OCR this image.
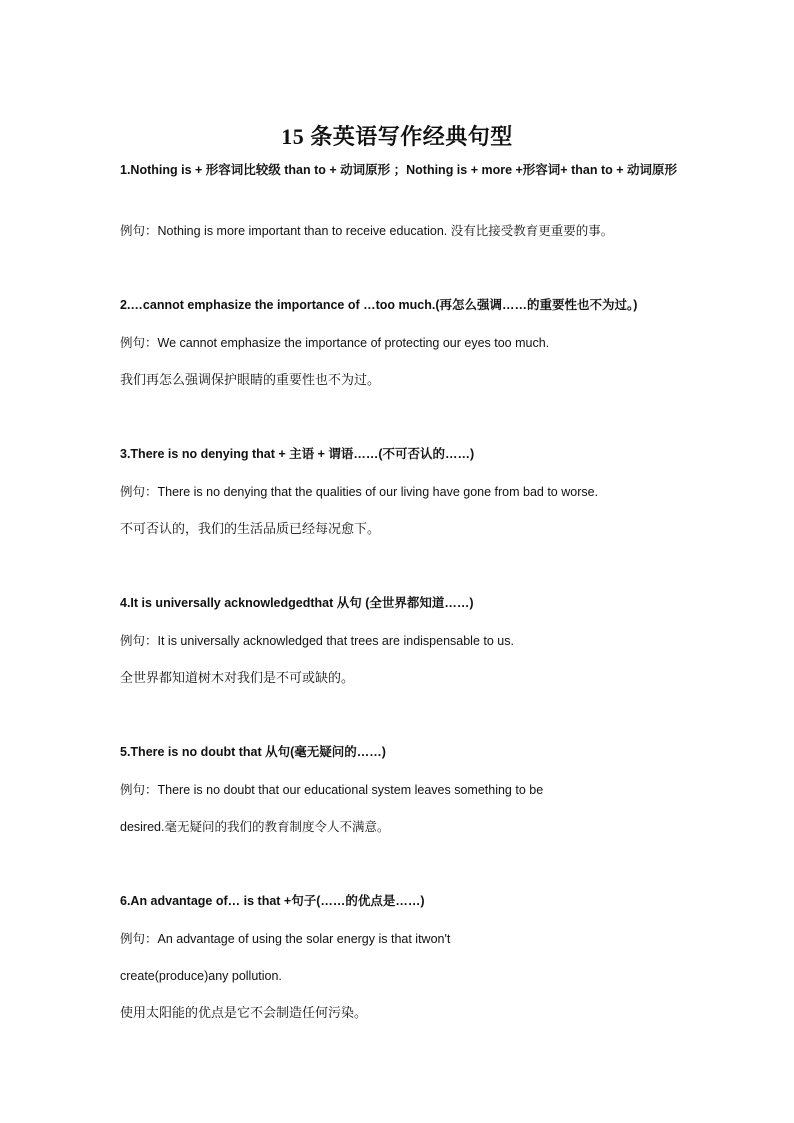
15 条英语写作经典句型
1.Nothing is + 形容词比较级 than to + 动词原形 ；Nothing is + more +形容词+ than to + 动词原形
例句：Nothing is more important than to receive education. 没有比接受教育更重要的事。
2.…cannot emphasize the importance of …too much.(再怎么强调……的重要性也不为过。)
例句：We cannot emphasize the importance of protecting our eyes too much.
我们再怎么强调保护眼睛的重要性也不为过。
3.There is no denying that + 主语 + 谓语……(不可否认的……)
例句：There is no denying that the qualities of our living have gone from bad to worse.
不可否认的，我们的生活品质已经每况愈下。
4.It is universally acknowledgedthat 从句 (全世界都知道……)
例句：It is universally acknowledged that trees are indispensable to us.
全世界都知道树木对我们是不可或缺的。
5.There is no doubt that 从句(毫无疑问的……)
例句：There is no doubt that our educational system leaves something to be
desired.毫无疑问的我们的教育制度令人不满意。
6.An advantage of… is that +句子(……的优点是……)
例句：An advantage of using the solar energy is that itwon't
create(produce)any pollution.
使用太阳能的优点是它不会制造任何污染。
